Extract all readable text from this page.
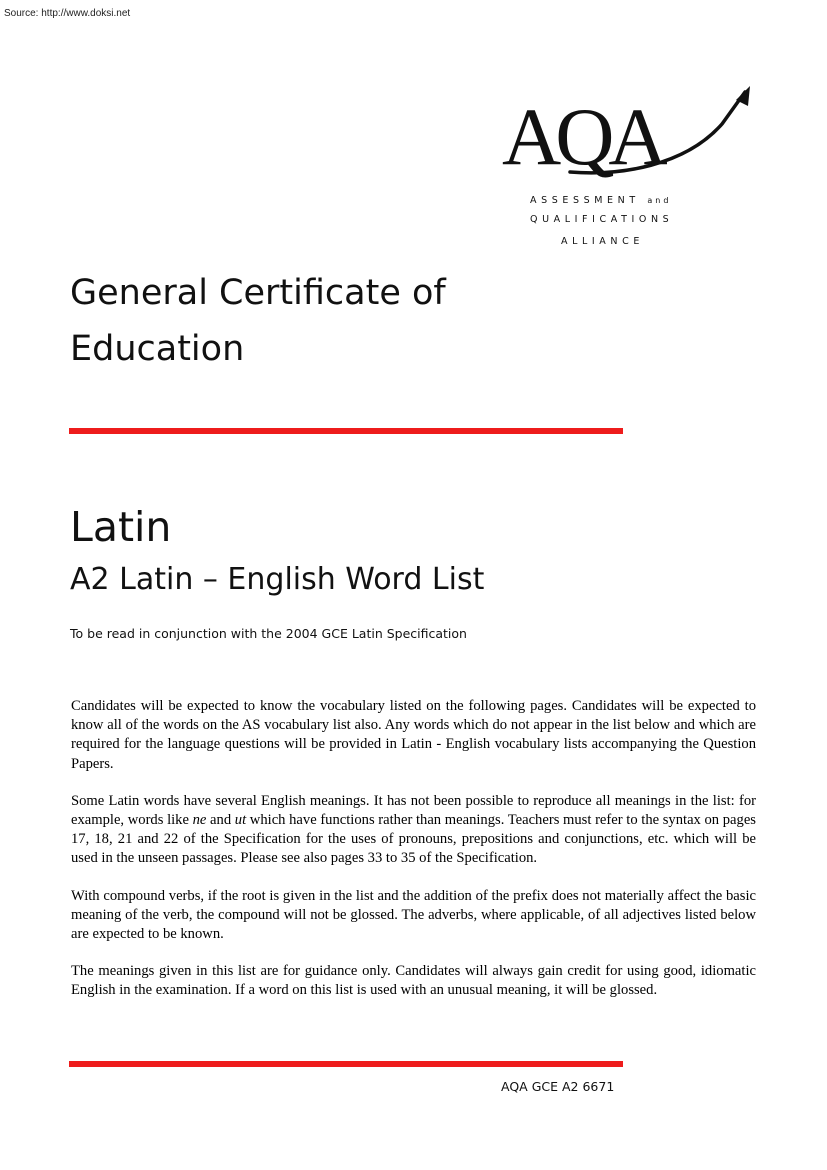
Source: http://www.doksi.net
AQA
ASSESSMENT and
QUALIFICATIONS
ALLIANCE
General Certificate of
Education
Latin
A2 Latin – English Word List
To be read in conjunction with the 2004 GCE Latin Specification

Candidates will be expected to know the vocabulary listed on the following pages. Candidates will be expected to know all of the words on the AS vocabulary list also. Any words which do not appear in the list below and which are required for the language questions will be provided in Latin - English vocabulary lists accompanying the Question Papers.

Some Latin words have several English meanings. It has not been possible to reproduce all meanings in the list: for example, words like ne and ut which have functions rather than meanings. Teachers must refer to the syntax on pages 17, 18, 21 and 22 of the Specification for the uses of pronouns, prepositions and conjunctions, etc. which will be used in the unseen passages. Please see also pages 33 to 35 of the Specification.

With compound verbs, if the root is given in the list and the addition of the prefix does not materially affect the basic meaning of the verb, the compound will not be glossed. The adverbs, where applicable, of all adjectives listed below are expected to be known.

The meanings given in this list are for guidance only. Candidates will always gain credit for using good, idiomatic English in the examination. If a word on this list is used with an unusual meaning, it will be glossed.

AQA GCE A2 6671
